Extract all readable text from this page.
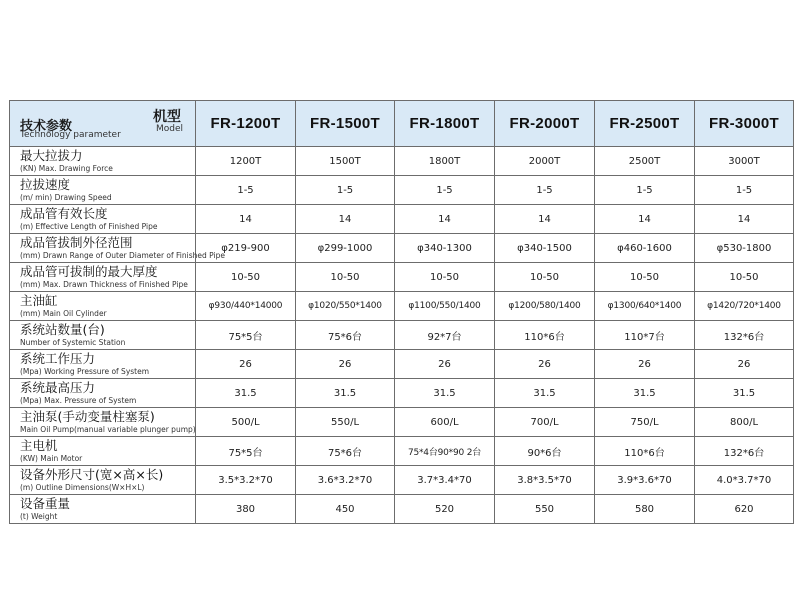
技术参数
Technology parameter
机型
Model	FR-1200T	FR-1500T	FR-1800T	FR-2000T	FR-2500T	FR-3000T

最大拉拔力
(KN) Max. Drawing Force	1200T	1500T	1800T	2000T	2500T	3000T

拉拔速度
(m/ min) Drawing Speed	1-5	1-5	1-5	1-5	1-5	1-5

成品管有效长度
(m) Effective Length of Finished Pipe	14	14	14	14	14	14

成品管拔制外径范围
(mm) Drawn Range of Outer Diameter of Finished Pipe	φ219-900	φ299-1000	φ340-1300	φ340-1500	φ460-1600	φ530-1800

成品管可拔制的最大厚度
(mm) Max. Drawn Thickness of Finished Pipe	10-50	10-50	10-50	10-50	10-50	10-50

主油缸
(mm) Main Oil Cylinder	φ930/440*14000	φ1020/550*1400	φ1100/550/1400	φ1200/580/1400	φ1300/640*1400	φ1420/720*1400

系统站数量(台)
Number of Systemic Station	75*5台	75*6台	92*7台	110*6台	110*7台	132*6台

系统工作压力
(Mpa) Working Pressure of System	26	26	26	26	26	26

系统最高压力
(Mpa) Max. Pressure of System	31.5	31.5	31.5	31.5	31.5	31.5

主油泵(手动变量柱塞泵)
Main Oil Pump(manual variable plunger pump)	500/L	550/L	600/L	700/L	750/L	800/L

主电机
(KW) Main Motor	75*5台	75*6台	75*4台90*90 2台	90*6台	110*6台	132*6台

设备外形尺寸(宽×高×长)
(m) Outline Dimensions(W×H×L)	3.5*3.2*70	3.6*3.2*70	3.7*3.4*70	3.8*3.5*70	3.9*3.6*70	4.0*3.7*70

设备重量
(t) Weight	380	450	520	550	580	620
